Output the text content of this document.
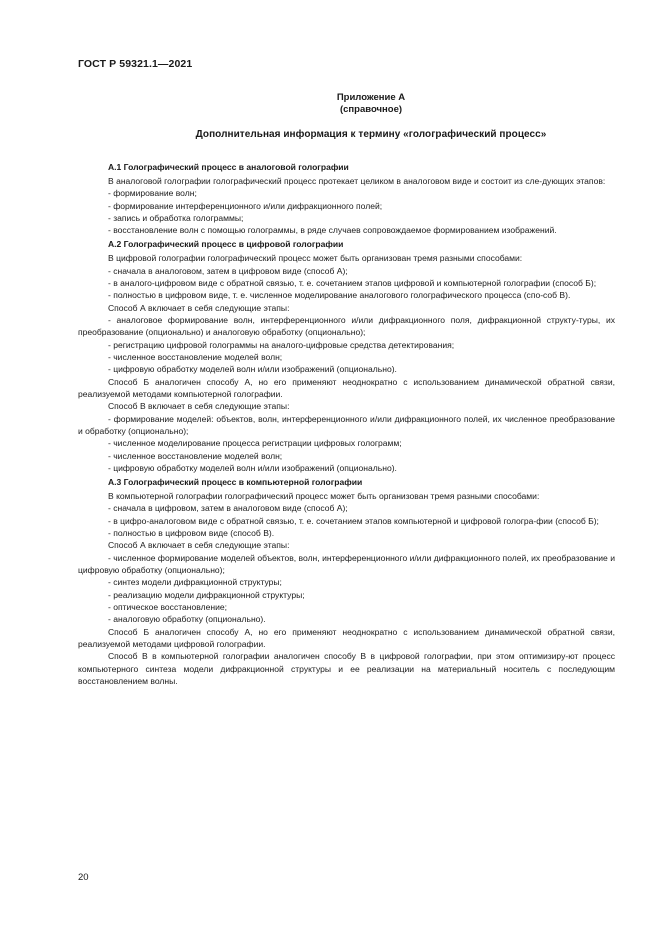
ГОСТ Р 59321.1—2021
Приложение А
(справочное)
Дополнительная информация к термину «голографический процесс»

А.1 Голографический процесс в аналоговой голографии

В аналоговой голографии голографический процесс протекает целиком в аналоговом виде и состоит из сле-дующих этапов:

- формирование волн;

- формирование интерференционного и/или дифракционного полей;

- запись и обработка голограммы;

- восстановление волн с помощью голограммы, в ряде случаев сопровождаемое формированием изображений.

А.2 Голографический процесс в цифровой голографии

В цифровой голографии голографический процесс может быть организован тремя разными способами:

- сначала в аналоговом, затем в цифровом виде (способ А);

- в аналого-цифровом виде с обратной связью, т. е. сочетанием этапов цифровой и компьютерной голографии (способ Б);

- полностью в цифровом виде, т. е. численное моделирование аналогового голографического процесса (спо-соб В).

Способ А включает в себя следующие этапы:

- аналоговое формирование волн, интерференционного и/или дифракционного поля, дифракционной структу-туры, их преобразование (опционально) и аналоговую обработку (опционально);

- регистрацию цифровой голограммы на аналого-цифровые средства детектирования;

- численное восстановление моделей волн;

- цифровую обработку моделей волн и/или изображений (опционально).

Способ Б аналогичен способу А, но его применяют неоднократно с использованием динамической обратной связи, реализуемой методами компьютерной голографии.

Способ В включает в себя следующие этапы:

- формирование моделей: объектов, волн, интерференционного и/или дифракционного полей, их численное преобразование и обработку (опционально);

- численное моделирование процесса регистрации цифровых голограмм;

- численное восстановление моделей волн;

- цифровую обработку моделей волн и/или изображений (опционально).

А.3 Голографический процесс в компьютерной голографии

В компьютерной голографии голографический процесс может быть организован тремя разными способами:

- сначала в цифровом, затем в аналоговом виде (способ А);

- в цифро-аналоговом виде с обратной связью, т. е. сочетанием этапов компьютерной и цифровой гологра-фии (способ Б);

- полностью в цифровом виде (способ В).

Способ А включает в себя следующие этапы:

- численное формирование моделей объектов, волн, интерференционного и/или дифракционного полей, их преобразование и цифровую обработку (опционально);

- синтез модели дифракционной структуры;

- реализацию модели дифракционной структуры;

- оптическое восстановление;

- аналоговую обработку (опционально).

Способ Б аналогичен способу А, но его применяют неоднократно с использованием динамической обратной связи, реализуемой методами цифровой голографии.

Способ В в компьютерной голографии аналогичен способу В в цифровой голографии, при этом оптимизиру-ют процесс компьютерного синтеза модели дифракционной структуры и ее реализации на материальный носитель с последующим восстановлением волны.

20
